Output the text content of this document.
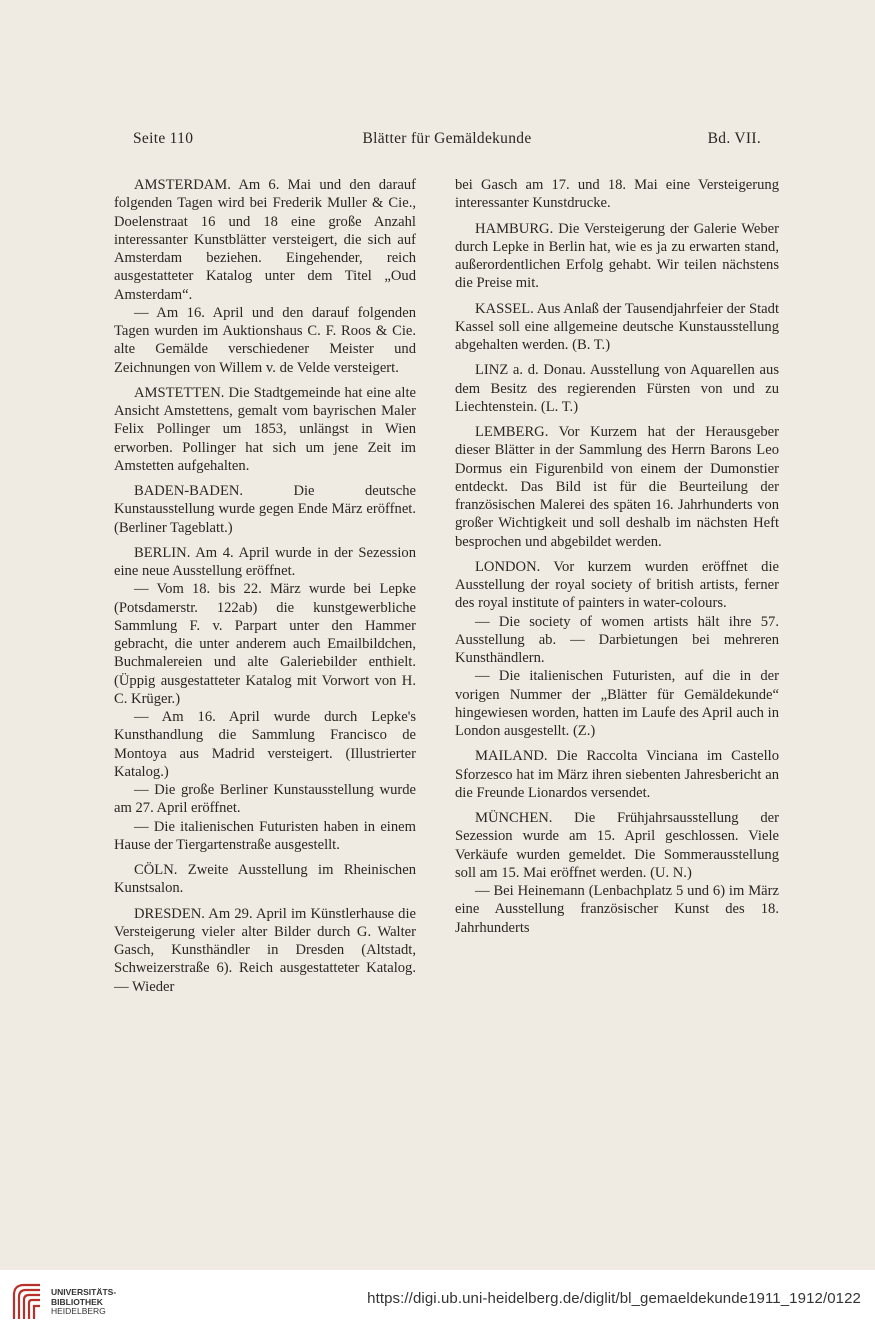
Seite 110	Blätter für Gemäldekunde	Bd. VII.

AMSTERDAM. Am 6. Mai und den darauf folgenden Tagen wird bei Frederik Muller & Cie., Doelenstraat 16 und 18 eine große Anzahl interessanter Kunstblätter versteigert, die sich auf Amsterdam beziehen. Eingehender, reich ausgestatteter Katalog unter dem Titel „Oud Amsterdam“.

— Am 16. April und den darauf folgenden Tagen wurden im Auktionshaus C. F. Roos & Cie. alte Gemälde verschiedener Meister und Zeichnungen von Willem v. de Velde versteigert.

AMSTETTEN. Die Stadtgemeinde hat eine alte Ansicht Amstettens, gemalt vom bayrischen Maler Felix Pollinger um 1853, unlängst in Wien erworben. Pollinger hat sich um jene Zeit im Amstetten aufgehalten.

BADEN-BADEN. Die deutsche Kunstausstellung wurde gegen Ende März eröffnet. (Berliner Tageblatt.)

BERLIN. Am 4. April wurde in der Sezession eine neue Ausstellung eröffnet.

— Vom 18. bis 22. März wurde bei Lepke (Potsdamerstr. 122ab) die kunstgewerbliche Sammlung F. v. Parpart unter den Hammer gebracht, die unter anderem auch Emailbildchen, Buchmalereien und alte Galeriebilder enthielt. (Üppig ausgestatteter Katalog mit Vorwort von H. C. Krüger.)

— Am 16. April wurde durch Lepke's Kunsthandlung die Sammlung Francisco de Montoya aus Madrid versteigert. (Illustrierter Katalog.)

— Die große Berliner Kunstausstellung wurde am 27. April eröffnet.

— Die italienischen Futuristen haben in einem Hause der Tiergartenstraße ausgestellt.

CÖLN. Zweite Ausstellung im Rheinischen Kunstsalon.

DRESDEN. Am 29. April im Künstlerhause die Versteigerung vieler alter Bilder durch G. Walter Gasch, Kunsthändler in Dresden (Altstadt, Schweizerstraße 6). Reich ausgestatteter Katalog. — Wieder

bei Gasch am 17. und 18. Mai eine Versteigerung interessanter Kunstdrucke.

HAMBURG. Die Versteigerung der Galerie Weber durch Lepke in Berlin hat, wie es ja zu erwarten stand, außerordentlichen Erfolg gehabt. Wir teilen nächstens die Preise mit.

KASSEL. Aus Anlaß der Tausendjahrfeier der Stadt Kassel soll eine allgemeine deutsche Kunstausstellung abgehalten werden. (B. T.)

LINZ a. d. Donau. Ausstellung von Aquarellen aus dem Besitz des regierenden Fürsten von und zu Liechtenstein. (L. T.)

LEMBERG. Vor Kurzem hat der Herausgeber dieser Blätter in der Sammlung des Herrn Barons Leo Dormus ein Figurenbild von einem der Dumonstier entdeckt. Das Bild ist für die Beurteilung der französischen Malerei des späten 16. Jahrhunderts von großer Wichtigkeit und soll deshalb im nächsten Heft besprochen und abgebildet werden.

LONDON. Vor kurzem wurden eröffnet die Ausstellung der royal society of british artists, ferner des royal institute of painters in water-colours.

— Die society of women artists hält ihre 57. Ausstellung ab. — Darbietungen bei mehreren Kunsthändlern.

— Die italienischen Futuristen, auf die in der vorigen Nummer der „Blätter für Gemäldekunde“ hingewiesen worden, hatten im Laufe des April auch in London ausgestellt. (Z.)

MAILAND. Die Raccolta Vinciana im Castello Sforzesco hat im März ihren siebenten Jahresbericht an die Freunde Lionardos versendet.

MÜNCHEN. Die Frühjahrsausstellung der Sezession wurde am 15. April geschlossen. Viele Verkäufe wurden gemeldet. Die Sommerausstellung soll am 15. Mai eröffnet werden. (U. N.)

— Bei Heinemann (Lenbachplatz 5 und 6) im März eine Ausstellung französischer Kunst des 18. Jahrhunderts

UNIVERSITÄTS-
BIBLIOTHEK
HEIDELBERG
https://digi.ub.uni-heidelberg.de/diglit/bl_gemaeldekunde1911_1912/0122
